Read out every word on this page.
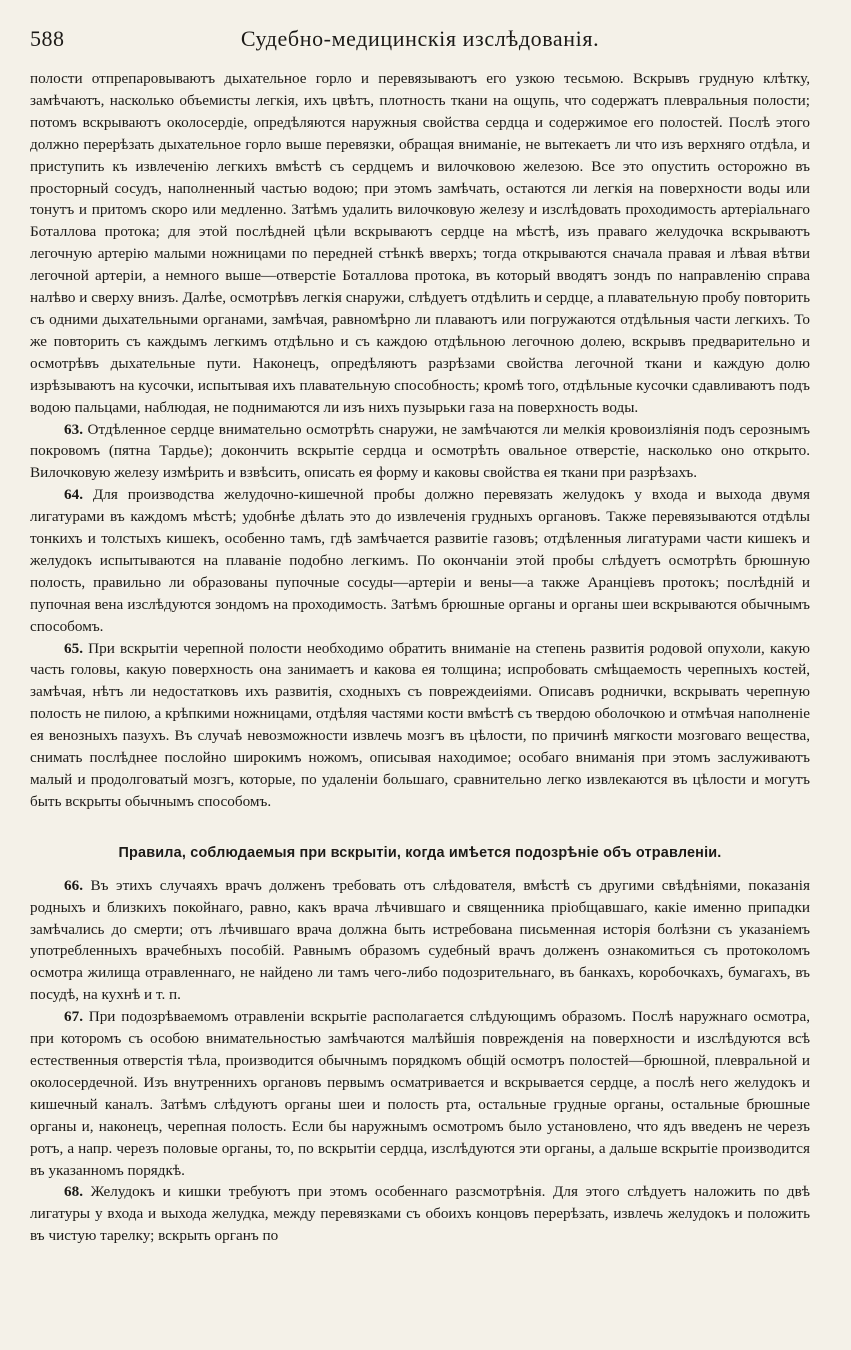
588	Судебно-медицинскія изслѣдованія.

полости отпрепаровываютъ дыхательное горло и перевязываютъ его узкою тесьмою. Вскрывъ грудную клѣтку, замѣчаютъ, насколько объемисты легкія, ихъ цвѣтъ, плотность ткани на ощупь, что содержатъ плевральныя полости; потомъ вскрываютъ околосердіе, опредѣляются наружныя свойства сердца и содержимое его полостей. Послѣ этого должно перерѣзать дыхательное горло выше перевязки, обращая вниманіе, не вытекаетъ ли что изъ верхняго отдѣла, и приступить къ извлеченію легкихъ вмѣстѣ съ сердцемъ и вилочковою железою. Все это опустить осторожно въ просторный сосудъ, наполненный частью водою; при этомъ замѣчать, остаются ли легкія на поверхности воды или тонутъ и притомъ скоро или медленно. Затѣмъ удалить вилочковую железу и изслѣдовать проходимость артеріальнаго Боталлова протока; для этой послѣдней цѣли вскрываютъ сердце на мѣстѣ, изъ праваго желудочка вскрываютъ легочную артерію малыми ножницами по передней стѣнкѣ вверхъ; тогда открываются сначала правая и лѣвая вѣтви легочной артеріи, а немного выше—отверстіе Боталлова протока, въ который вводятъ зондъ по направленію справа налѣво и сверху внизъ. Далѣе, осмотрѣвъ легкія снаружи, слѣдуетъ отдѣлить и сердце, а плавательную пробу повторить съ одними дыхательными органами, замѣчая, равномѣрно ли плаваютъ или погружаются отдѣльныя части легкихъ. То же повторить съ каждымъ легкимъ отдѣльно и съ каждою отдѣльною легочною долею, вскрывъ предварительно и осмотрѣвъ дыхательные пути. Наконецъ, опредѣляютъ разрѣзами свойства легочной ткани и каждую долю изрѣзываютъ на кусочки, испытывая ихъ плавательную способность; кромѣ того, отдѣльные кусочки сдавливаютъ подъ водою пальцами, наблюдая, не поднимаются ли изъ нихъ пузырьки газа на поверхность воды.

63. Отдѣленное сердце внимательно осмотрѣть снаружи, не замѣчаются ли мелкія кровоизліянія подъ серознымъ покровомъ (пятна Тардье); докончить вскрытіе сердца и осмотрѣть овальное отверстіе, насколько оно открыто. Вилочковую железу измѣрить и взвѣсить, описать ея форму и каковы свойства ея ткани при разрѣзахъ.

64. Для производства желудочно-кишечной пробы должно перевязать желудокъ у входа и выхода двумя лигатурами въ каждомъ мѣстѣ; удобнѣе дѣлать это до извлеченія грудныхъ органовъ. Также перевязываются отдѣлы тонкихъ и толстыхъ кишекъ, особенно тамъ, гдѣ замѣчается развитіе газовъ; отдѣленныя лигатурами части кишекъ и желудокъ испытываются на плаваніе подобно легкимъ. По окончаніи этой пробы слѣдуетъ осмотрѣть брюшную полость, правильно ли образованы пупочные сосуды—артеріи и вены—а также Аранціевъ протокъ; послѣдній и пупочная вена изслѣдуются зондомъ на проходимость. Затѣмъ брюшные органы и органы шеи вскрываются обычнымъ способомъ.

65. При вскрытіи черепной полости необходимо обратить вниманіе на степень развитія родовой опухоли, какую часть головы, какую поверхность она занимаетъ и какова ея толщина; испробовать смѣщаемость черепныхъ костей, замѣчая, нѣтъ ли недостатковъ ихъ развитія, сходныхъ съ повреждеиіями. Описавъ роднички, вскрывать черепную полость не пилою, а крѣпкими ножницами, отдѣляя частями кости вмѣстѣ съ твердою оболочкою и отмѣчая наполненіе ея венозныхъ пазухъ. Въ случаѣ невозможности извлечь мозгъ въ цѣлости, по причинѣ мягкости мозговаго вещества, снимать послѣднее послойно широкимъ ножомъ, описывая находимое; особаго вниманія при этомъ заслуживаютъ малый и продолговатый мозгъ, которые, по удаленіи большаго, сравнительно легко извлекаются въ цѣлости и могутъ быть вскрыты обычнымъ способомъ.

Правила, соблюдаемыя при вскрытіи, когда имѣется подозрѣніе объ отравленіи.

66. Въ этихъ случаяхъ врачъ долженъ требовать отъ слѣдователя, вмѣстѣ съ другими свѣдѣніями, показанія родныхъ и близкихъ покойнаго, равно, какъ врача лѣчившаго и священника пріобщавшаго, какіе именно припадки замѣчались до смерти; отъ лѣчившаго врача должна быть истребована письменная исторія болѣзни съ указаніемъ употребленныхъ врачебныхъ пособій. Равнымъ образомъ судебный врачъ долженъ ознакомиться съ протоколомъ осмотра жилища отравленнаго, не найдено ли тамъ чего-либо подозрительнаго, въ банкахъ, коробочкахъ, бумагахъ, въ посудѣ, на кухнѣ и т. п.

67. При подозрѣваемомъ отравленіи вскрытіе располагается слѣдующимъ образомъ. Послѣ наружнаго осмотра, при которомъ съ особою внимательностью замѣчаются малѣйшія поврежденія на поверхности и изслѣдуются всѣ естественныя отверстія тѣла, производится обычнымъ порядкомъ общій осмотръ полостей—брюшной, плевральной и околосердечной. Изъ внутреннихъ органовъ первымъ осматривается и вскрывается сердце, а послѣ него желудокъ и кишечный каналъ. Затѣмъ слѣдуютъ органы шеи и полость рта, остальные грудные органы, остальные брюшные органы и, наконецъ, черепная полость. Если бы наружнымъ осмотромъ было установлено, что ядъ введенъ не черезъ ротъ, а напр. черезъ половые органы, то, по вскрытіи сердца, изслѣдуются эти органы, а дальше вскрытіе производится въ указанномъ порядкѣ.

68. Желудокъ и кишки требуютъ при этомъ особеннаго разсмотрѣнія. Для этого слѣдуетъ наложить по двѣ лигатуры у входа и выхода желудка, между перевязками съ обоихъ концовъ перерѣзать, извлечь желудокъ и положить въ чистую тарелку; вскрыть органъ по
